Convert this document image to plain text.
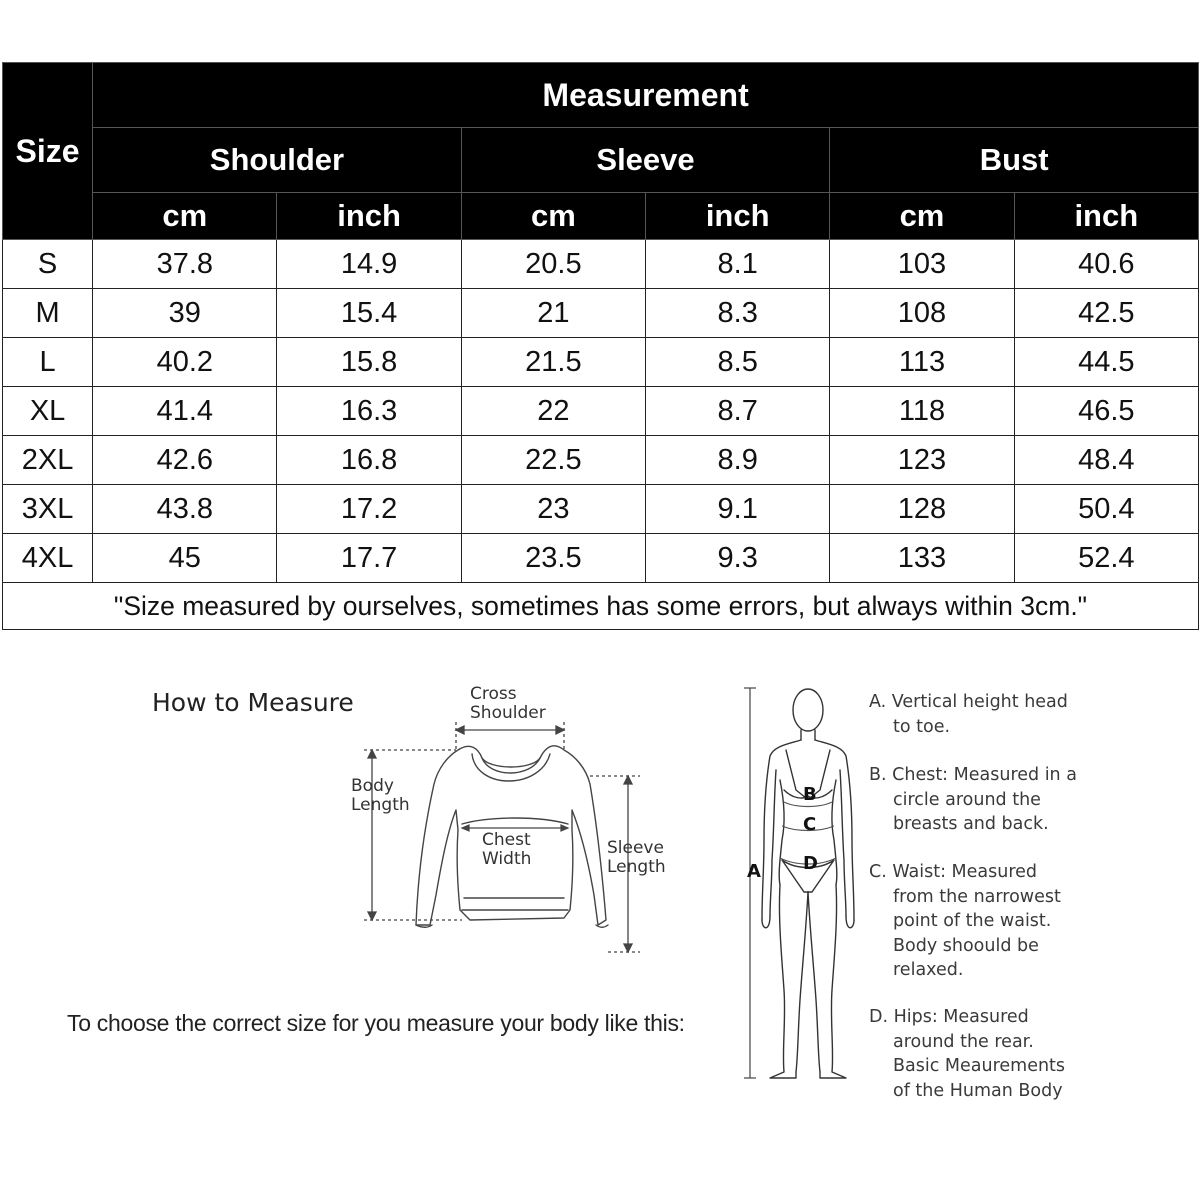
Size	Measurement					
	Shoulder		Sleeve		Bust	
	cm	inch	cm	inch	cm	inch
S	37.8	14.9	20.5	8.1	103	40.6
M	39	15.4	21	8.3	108	42.5
L	40.2	15.8	21.5	8.5	113	44.5
XL	41.4	16.3	22	8.7	118	46.5
2XL	42.6	16.8	22.5	8.9	123	48.4
3XL	43.8	17.2	23	9.1	128	50.4
4XL	45	17.7	23.5	9.3	133	52.4
"Size measured by ourselves, sometimes has some errors, but always within 3cm."						
How to Measure	Cross
Shoulder
Body
Length
Chest
Width
Sleeve
Length
To choose the correct size for you measure your body like this:
A
B
C
D
A. Vertical height head
to toe.
B. Chest: Measured in a
circle around the
breasts and back.
C. Waist: Measured
from the narrowest
point of the waist.
Body shoould be
relaxed.
D. Hips: Measured
around the rear.
Basic Meaurements
of the Human Body
